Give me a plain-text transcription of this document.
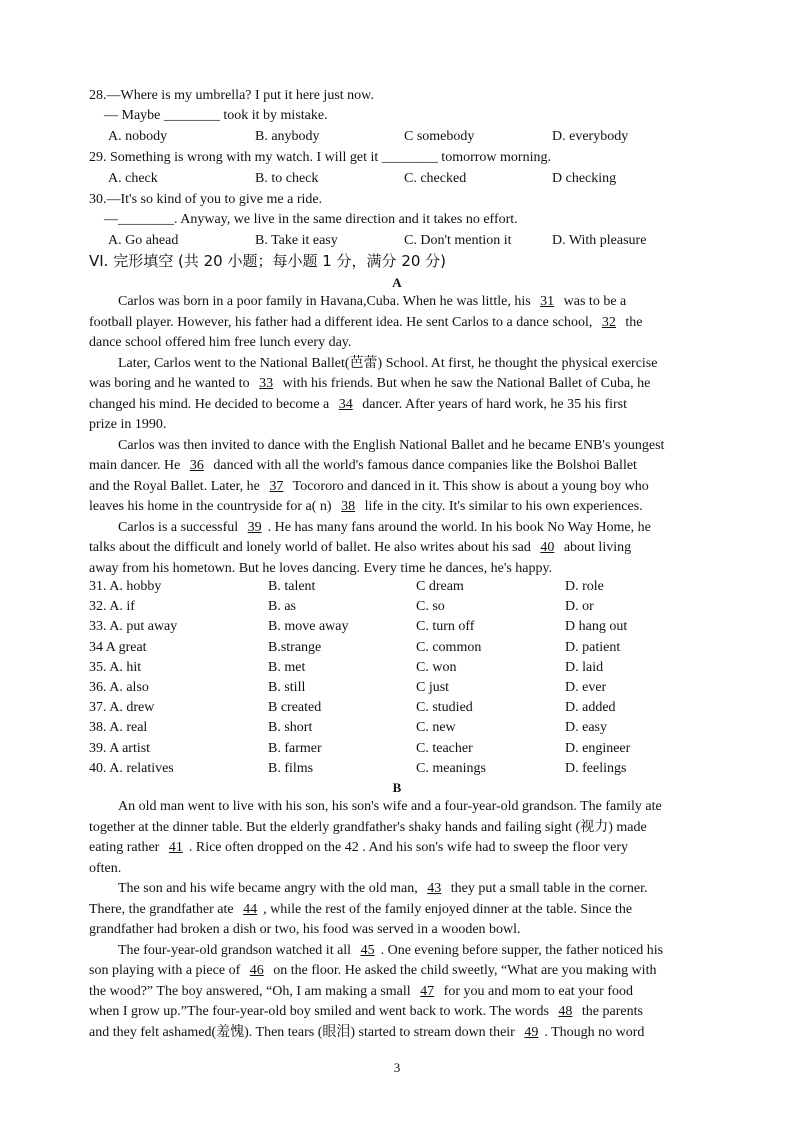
28.—Where is my umbrella? I put it here just now.
— Maybe ________ took it by mistake.
A. nobody	B. anybody	C somebody	D. everybody
29. Something is wrong with my watch. I will get it ________ tomorrow morning.
A. check	B. to check	C. checked	D checking
30.—It's so kind of you to give me a ride.
—________. Anyway, we live in the same direction and it takes no effort.
A. Go ahead	B. Take it easy	C. Don't mention it	D. With pleasure
VI. 完形填空 (共 20 小题；每小题 1 分，满分 20 分)
A
Carlos was born in a poor family in Havana,Cuba. When he was little, his 31 was to be a
football player. However, his father had a different idea. He sent Carlos to a dance school, 32 the
dance school offered him free lunch every day.
Later, Carlos went to the National Ballet(芭蕾) School. At first, he thought the physical exercise
was boring and he wanted to 33 with his friends. But when he saw the National Ballet of Cuba, he
changed his mind. He decided to become a 34 dancer. After years of hard work, he 35 his first
prize in 1990.
Carlos was then invited to dance with the English National Ballet and he became ENB's youngest
main dancer. He 36 danced with all the world's famous dance companies like the Bolshoi Ballet
and the Royal Ballet. Later, he 37 Tocororo and danced in it. This show is about a young boy who
leaves his home in the countryside for a( n) 38 life in the city. It's similar to his own experiences.
Carlos is a successful 39 . He has many fans around the world. In his book No Way Home, he
talks about the difficult and lonely world of ballet. He also writes about his sad 40 about living
away from his hometown. But he loves dancing. Every time he dances, he's happy.
31. A. hobby	B. talent	C dream	D. role
32. A. if	B. as	C. so	D. or
33. A. put away	B. move away	C. turn off	D hang out
34 A great	B.strange	C. common	D. patient
35. A. hit	B. met	C. won	D. laid
36. A. also	B. still	C just	D. ever
37. A. drew	B created	C. studied	D. added
38. A. real	B. short	C. new	D. easy
39. A artist	B. farmer	C. teacher	D. engineer
40. A. relatives	B. films	C. meanings	D. feelings
B
An old man went to live with his son, his son's wife and a four-year-old grandson. The family ate
together at the dinner table. But the elderly grandfather's shaky hands and failing sight (视力) made
eating rather 41 . Rice often dropped on the 42 . And his son's wife had to sweep the floor very
often.
The son and his wife became angry with the old man, 43 they put a small table in the corner.
There, the grandfather ate 44 , while the rest of the family enjoyed dinner at the table. Since the
grandfather had broken a dish or two, his food was served in a wooden bowl.
The four-year-old grandson watched it all 45 . One evening before supper, the father noticed his
son playing with a piece of 46 on the floor. He asked the child sweetly, “What are you making with
the wood?” The boy answered, “Oh, I am making a small 47 for you and mom to eat your food
when I grow up.”The four-year-old boy smiled and went back to work. The words 48 the parents
and they felt ashamed(羞愧). Then tears (眼泪) started to stream down their 49 . Though no word
3
